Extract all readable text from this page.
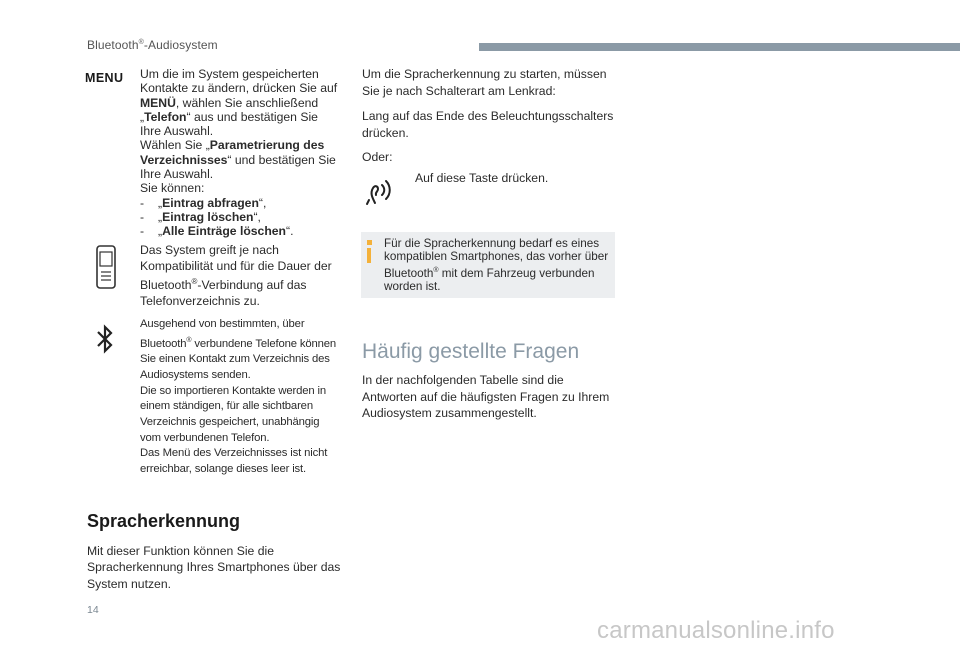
Bluetooth®-Audiosystem
MENU Um die im System gespeicherten Kontakte zu ändern, drücken Sie auf MENÜ, wählen Sie anschließend „Telefon“ aus und bestätigen Sie Ihre Auswahl.
Wählen Sie „Parametrierung des Verzeichnisses“ und bestätigen Sie Ihre Auswahl.
Sie können:
-	„Eintrag abfragen“,
-	„Eintrag löschen“,
-	„Alle Einträge löschen“.
Das System greift je nach Kompatibilität und für die Dauer der Bluetooth®-Verbindung auf das Telefonverzeichnis zu.
Ausgehend von bestimmten, über Bluetooth® verbundene Telefone können Sie einen Kontakt zum Verzeichnis des Audiosystems senden.
Die so importieren Kontakte werden in einem ständigen, für alle sichtbaren Verzeichnis gespeichert, unabhängig vom verbundenen Telefon.
Das Menü des Verzeichnisses ist nicht erreichbar, solange dieses leer ist.
Spracherkennung
Mit dieser Funktion können Sie die Spracherkennung Ihres Smartphones über das System nutzen.
Um die Spracherkennung zu starten, müssen Sie je nach Schalterart am Lenkrad:
Lang auf das Ende des Beleuchtungsschalters drücken.
Oder:
Auf diese Taste drücken.
Für die Spracherkennung bedarf es eines kompatiblen Smartphones, das vorher über Bluetooth® mit dem Fahrzeug verbunden worden ist.
Häufig gestellte Fragen
In der nachfolgenden Tabelle sind die Antworten auf die häufigsten Fragen zu Ihrem Audiosystem zusammengestellt.
14
carmanualsonline.info
